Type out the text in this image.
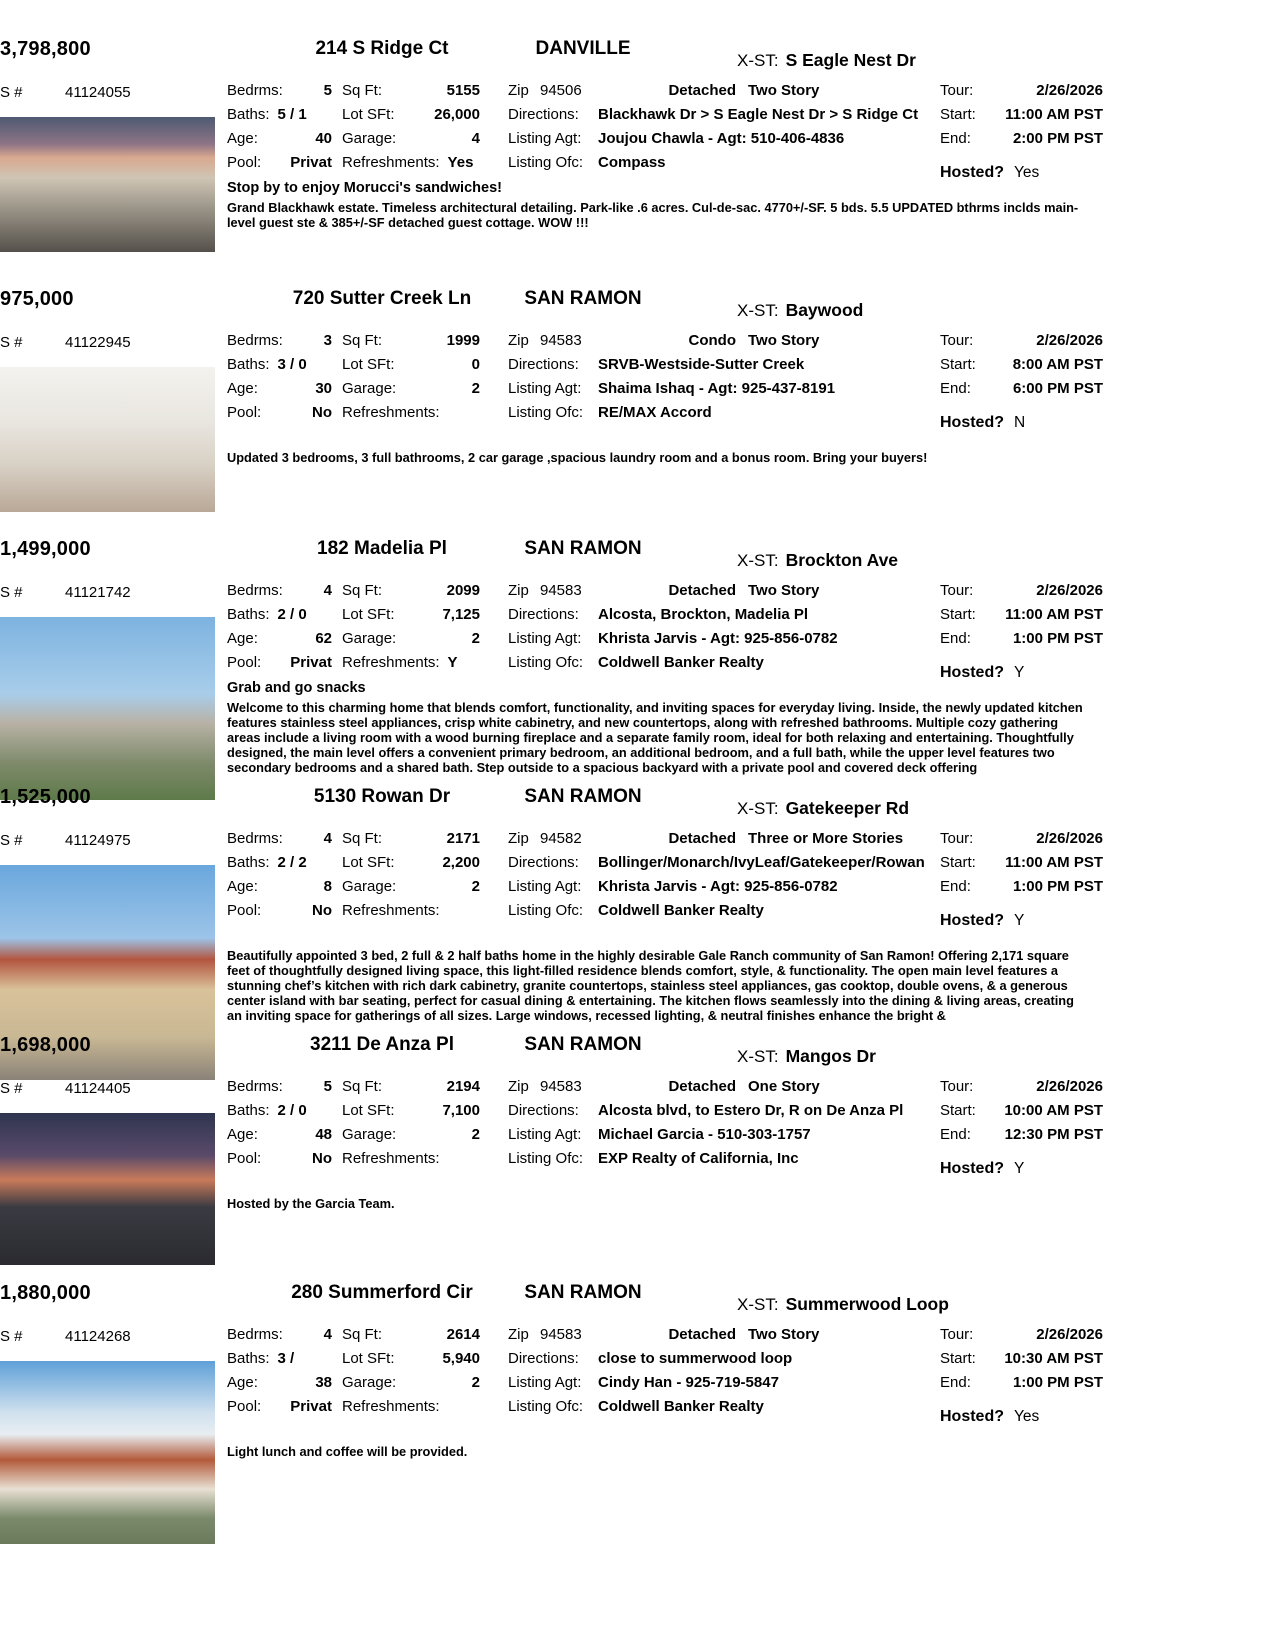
3,798,800
S #	41124055
214 S Ridge Ct	DANVILLE
X-ST: S Eagle Nest Dr
Bedrms:	5
Baths: 5 / 1
Age:	40
Pool: Privat
Sq Ft:	5155
Lot SFt:	26,000
Garage:	4
Refreshments: Yes
Zip 94506	Detached Two Story
Directions: Blackhawk Dr > S Eagle Nest Dr > S Ridge Ct
Listing Agt: Joujou Chawla - Agt: 510-406-4836
Listing Ofc: Compass
Tour:	2/26/2026
Start: 11:00 AM PST
End:	2:00 PM PST
Hosted? Yes
Stop by to enjoy Morucci's sandwiches!
Grand Blackhawk estate. Timeless architectural detailing. Park-like .6 acres. Cul-de-sac. 4770+/-SF. 5 bds. 5.5 UPDATED bthrms inclds main-level guest ste & 385+/-SF detached guest cottage. WOW !!!
975,000
S #	41122945
720 Sutter Creek Ln	SAN RAMON
X-ST: Baywood
Bedrms:	3
Baths: 3 / 0
Age:	30
Pool:	No
Sq Ft:	1999
Lot SFt:	0
Garage:	2
Refreshments:
Zip 94583	Condo Two Story
Directions: SRVB-Westside-Sutter Creek
Listing Agt: Shaima Ishaq - Agt: 925-437-8191
Listing Ofc: RE/MAX Accord
Tour:	2/26/2026
Start: 8:00 AM PST
End:	6:00 PM PST
Hosted? N
Updated 3 bedrooms, 3 full bathrooms, 2 car garage ,spacious laundry room and a bonus room. Bring your buyers!
1,499,000
S #	41121742
182 Madelia Pl	SAN RAMON
X-ST: Brockton Ave
Bedrms:	4
Baths: 2 / 0
Age:	62
Pool: Privat
Sq Ft:	2099
Lot SFt:	7,125
Garage:	2
Refreshments: Y
Zip 94583	Detached Two Story
Directions: Alcosta, Brockton, Madelia Pl
Listing Agt: Khrista Jarvis - Agt: 925-856-0782
Listing Ofc: Coldwell Banker Realty
Tour:	2/26/2026
Start: 11:00 AM PST
End:	1:00 PM PST
Hosted? Y
Grab and go snacks
Welcome to this charming home that blends comfort, functionality, and inviting spaces for everyday living. Inside, the newly updated kitchen features stainless steel appliances, crisp white cabinetry, and new countertops, along with refreshed bathrooms. Multiple cozy gathering areas include a living room with a wood burning fireplace and a separate family room, ideal for both relaxing and entertaining. Thoughtfully designed, the main level offers a convenient primary bedroom, an additional bedroom, and a full bath, while the upper level features two secondary bedrooms and a shared bath. Step outside to a spacious backyard with a private pool and covered deck offering
1,525,000
S #	41124975
5130 Rowan Dr	SAN RAMON
X-ST: Gatekeeper Rd
Bedrms:	4
Baths: 2 / 2
Age:	8
Pool:	No
Sq Ft:	2171
Lot SFt:	2,200
Garage:	2
Refreshments:
Zip 94582	Detached Three or More Stories
Directions: Bollinger/Monarch/IvyLeaf/Gatekeeper/Rowan
Listing Agt: Khrista Jarvis - Agt: 925-856-0782
Listing Ofc: Coldwell Banker Realty
Tour:	2/26/2026
Start: 11:00 AM PST
End:	1:00 PM PST
Hosted? Y
Beautifully appointed 3 bed, 2 full & 2 half baths home in the highly desirable Gale Ranch community of San Ramon! Offering 2,171 square feet of thoughtfully designed living space, this light-filled residence blends comfort, style, & functionality. The open main level features a stunning chef’s kitchen with rich dark cabinetry, granite countertops, stainless steel appliances, gas cooktop, double ovens, & a generous center island with bar seating, perfect for casual dining & entertaining. The kitchen flows seamlessly into the dining & living areas, creating an inviting space for gatherings of all sizes. Large windows, recessed lighting, & neutral finishes enhance the bright &
1,698,000
S #	41124405
3211 De Anza Pl	SAN RAMON
X-ST: Mangos Dr
Bedrms:	5
Baths: 2 / 0
Age:	48
Pool:	No
Sq Ft:	2194
Lot SFt:	7,100
Garage:	2
Refreshments:
Zip 94583	Detached One Story
Directions: Alcosta blvd, to Estero Dr, R on De Anza Pl
Listing Agt: Michael Garcia - 510-303-1757
Listing Ofc: EXP Realty of California, Inc
Tour:	2/26/2026
Start: 10:00 AM PST
End: 12:30 PM PST
Hosted? Y
Hosted by the Garcia Team.
1,880,000
S #	41124268
280 Summerford Cir	SAN RAMON
X-ST: Summerwood Loop
Bedrms:	4
Baths: 3 /
Age:	38
Pool: Privat
Sq Ft:	2614
Lot SFt:	5,940
Garage:	2
Refreshments:
Zip 94583	Detached Two Story
Directions: close to summerwood loop
Listing Agt: Cindy Han - 925-719-5847
Listing Ofc: Coldwell Banker Realty
Tour:	2/26/2026
Start: 10:30 AM PST
End:	1:00 PM PST
Hosted? Yes
Light lunch and coffee will be provided.
